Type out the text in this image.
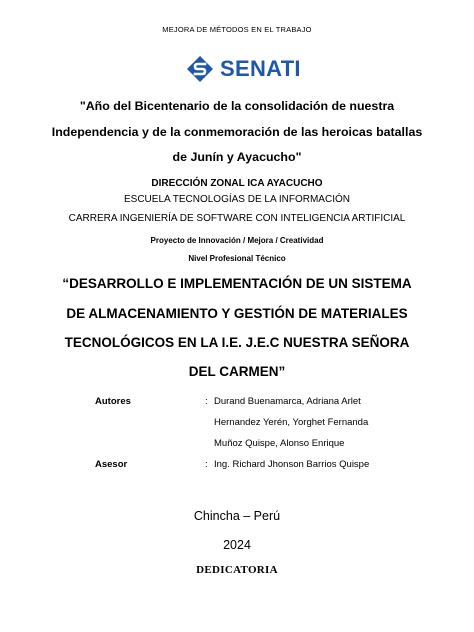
MEJORA DE MÉTODOS EN EL TRABAJO
SENATI
"Año del Bicentenario de la consolidación de nuestra
Independencia y de la conmemoración de las heroicas batallas
de Junín y Ayacucho"
DIRECCIÓN ZONAL ICA AYACUCHO
ESCUELA TECNOLOGÍAS DE LA INFORMACIÓN
CARRERA INGENIERÍA DE SOFTWARE CON INTELIGENCIA ARTIFICIAL
Proyecto de Innovación / Mejora / Creatividad
Nivel Profesional Técnico
“DESARROLLO E IMPLEMENTACIÓN DE UN SISTEMA
DE ALMACENAMIENTO Y GESTIÓN DE MATERIALES
TECNOLÓGICOS EN LA I.E. J.E.C NUESTRA SEÑORA
DEL CARMEN”
Autores	: Durand Buenamarca, Adriana Arlet
Hernandez Yerén, Yorghet Fernanda
Muñoz Quispe, Alonso Enrique
Asesor	: Ing. Richard Jhonson Barrios Quispe
Chincha – Perú
2024
DEDICATORIA
